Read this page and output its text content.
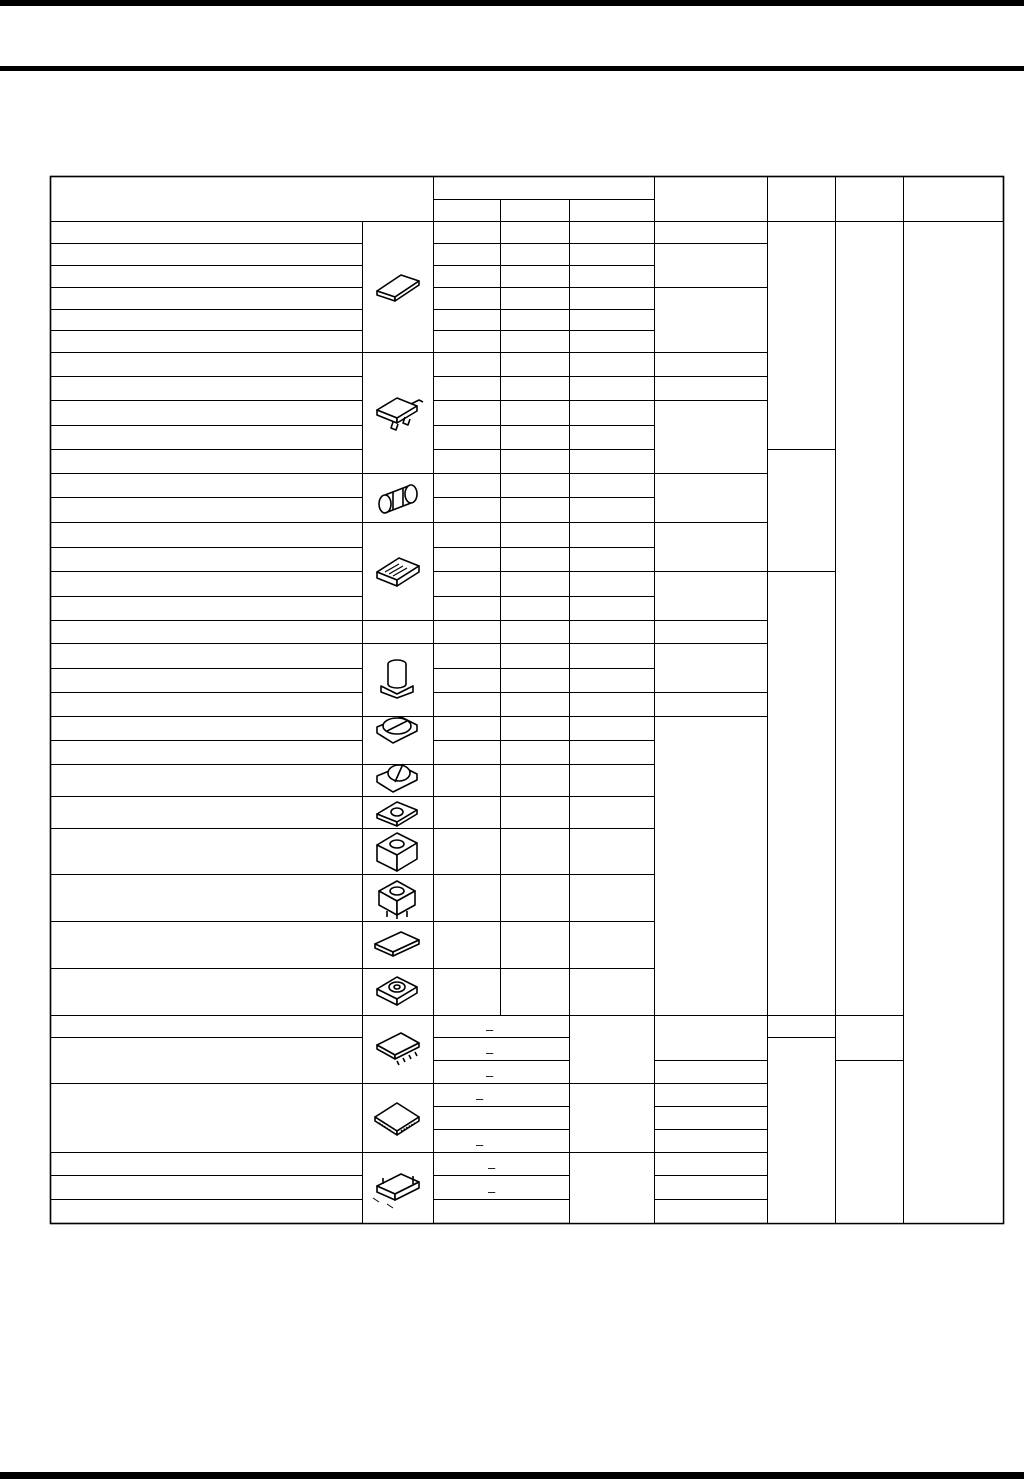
–
–
–
–
–
–
–
